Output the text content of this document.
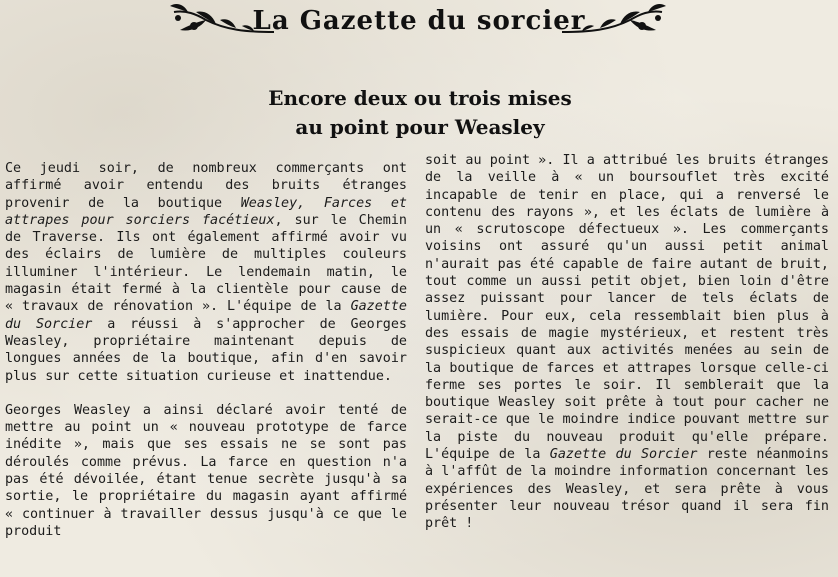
La Gazette du sorcier
Encore deux ou trois mises
au point pour Weasley

Ce jeudi soir, de nombreux commerçants ont affirmé avoir entendu des bruits étranges provenir de la boutique Weasley, Farces et attrapes pour sorciers facétieux, sur le Chemin de Traverse. Ils ont également affirmé avoir vu des éclairs de lumière de multiples couleurs illuminer l'intérieur. Le lendemain matin, le magasin était fermé à la clientèle pour cause de « travaux de rénovation ». L'équipe de la Gazette du Sorcier a réussi à s'approcher de Georges Weasley, propriétaire maintenant depuis de longues années de la boutique, afin d'en savoir plus sur cette situation curieuse et inattendue.

Georges Weasley a ainsi déclaré avoir tenté de mettre au point un « nouveau prototype de farce inédite », mais que ses essais ne se sont pas déroulés comme prévus. La farce en question n'a pas été dévoilée, étant tenue secrète jusqu'à sa sortie, le propriétaire du magasin ayant affirmé « continuer à travailler dessus jusqu'à ce que le produit

soit au point ». Il a attribué les bruits étranges de la veille à « un boursouflet très excité incapable de tenir en place, qui a renversé le contenu des rayons », et les éclats de lumière à un « scrutoscope défectueux ». Les commerçants voisins ont assuré qu'un aussi petit animal n'aurait pas été capable de faire autant de bruit, tout comme un aussi petit objet, bien loin d'être assez puissant pour lancer de tels éclats de lumière. Pour eux, cela ressemblait bien plus à des essais de magie mystérieux, et restent très suspicieux quant aux activités menées au sein de la boutique de farces et attrapes lorsque celle-ci ferme ses portes le soir. Il semblerait que la boutique Weasley soit prête à tout pour cacher ne serait-ce que le moindre indice pouvant mettre sur la piste du nouveau produit qu'elle prépare. L'équipe de la Gazette du Sorcier reste néanmoins à l'affût de la moindre information concernant les expériences des Weasley, et sera prête à vous présenter leur nouveau trésor quand il sera fin prêt !
